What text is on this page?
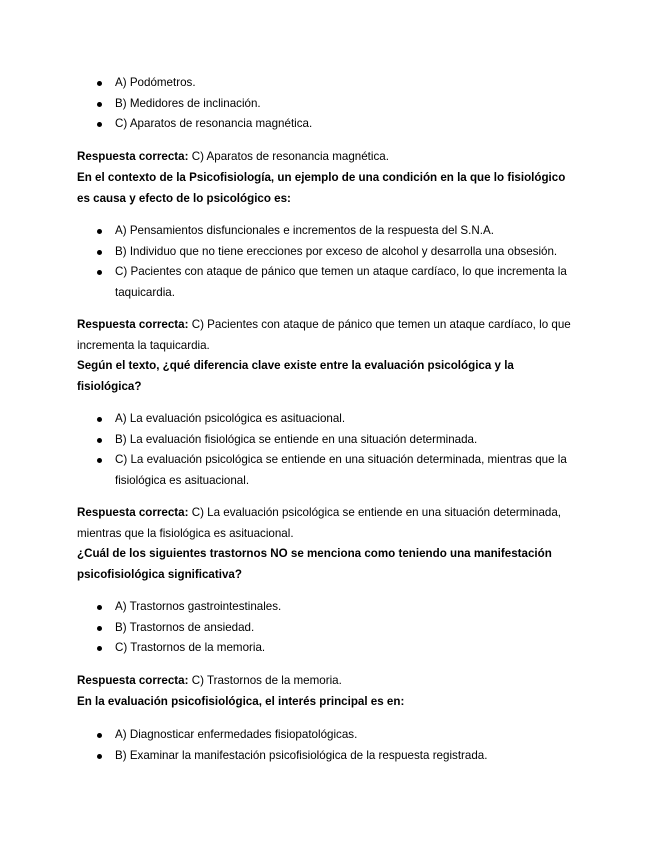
A) Podómetros.
B) Medidores de inclinación.
C) Aparatos de resonancia magnética.
Respuesta correcta: C) Aparatos de resonancia magnética.
En el contexto de la Psicofisiología, un ejemplo de una condición en la que lo fisiológico es causa y efecto de lo psicológico es:
A) Pensamientos disfuncionales e incrementos de la respuesta del S.N.A.
B) Individuo que no tiene erecciones por exceso de alcohol y desarrolla una obsesión.
C) Pacientes con ataque de pánico que temen un ataque cardíaco, lo que incrementa la taquicardia.
Respuesta correcta: C) Pacientes con ataque de pánico que temen un ataque cardíaco, lo que incrementa la taquicardia.
Según el texto, ¿qué diferencia clave existe entre la evaluación psicológica y la fisiológica?
A) La evaluación psicológica es asituacional.
B) La evaluación fisiológica se entiende en una situación determinada.
C) La evaluación psicológica se entiende en una situación determinada, mientras que la fisiológica es asituacional.
Respuesta correcta: C) La evaluación psicológica se entiende en una situación determinada, mientras que la fisiológica es asituacional.
¿Cuál de los siguientes trastornos NO se menciona como teniendo una manifestación psicofisiológica significativa?
A) Trastornos gastrointestinales.
B) Trastornos de ansiedad.
C) Trastornos de la memoria.
Respuesta correcta: C) Trastornos de la memoria.
En la evaluación psicofisiológica, el interés principal es en:
A) Diagnosticar enfermedades fisiopatológicas.
B) Examinar la manifestación psicofisiológica de la respuesta registrada.
